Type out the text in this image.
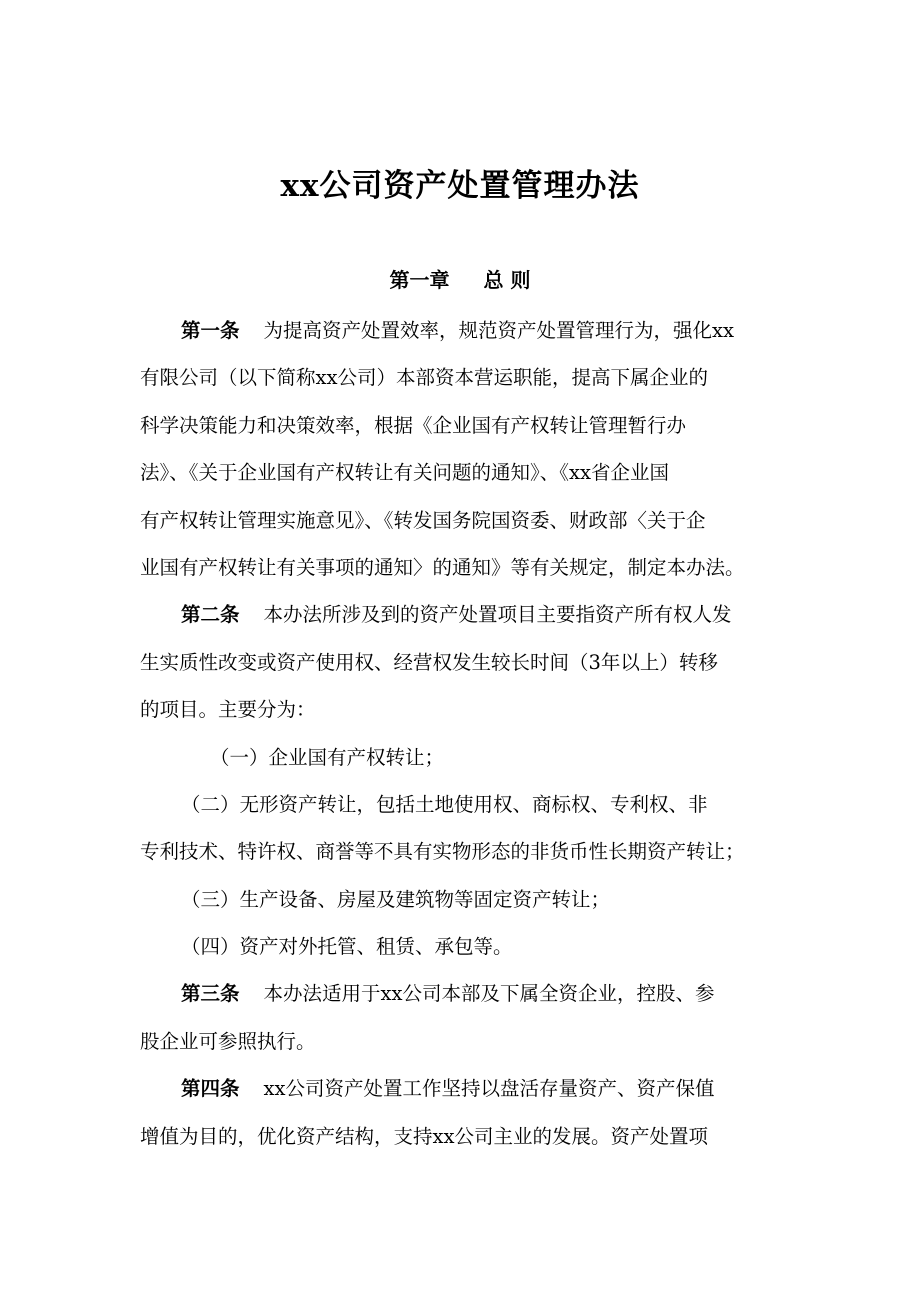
xx公司资产处置管理办法
第一章 总 则
第一条 为提高资产处置效率，规范资产处置管理行为，强化xx
有限公司（以下简称xx公司）本部资本营运职能，提高下属企业的
科学决策能力和决策效率，根据《企业国有产权转让管理暂行办
法》、《关于企业国有产权转让有关问题的通知》、《xx省企业国
有产权转让管理实施意见》、《转发国务院国资委、财政部〈关于企
业国有产权转让有关事项的通知〉的通知》等有关规定，制定本办法。
第二条 本办法所涉及到的资产处置项目主要指资产所有权人发
生实质性改变或资产使用权、经营权发生较长时间（3年以上）转移
的项目。主要分为：
（一）企业国有产权转让；
（二）无形资产转让，包括土地使用权、商标权、专利权、非
专利技术、特许权、商誉等不具有实物形态的非货币性长期资产转让；
（三）生产设备、房屋及建筑物等固定资产转让；
（四）资产对外托管、租赁、承包等。
第三条 本办法适用于xx公司本部及下属全资企业，控股、参
股企业可参照执行。
第四条 xx公司资产处置工作坚持以盘活存量资产、资产保值
增值为目的，优化资产结构，支持xx公司主业的发展。资产处置项
